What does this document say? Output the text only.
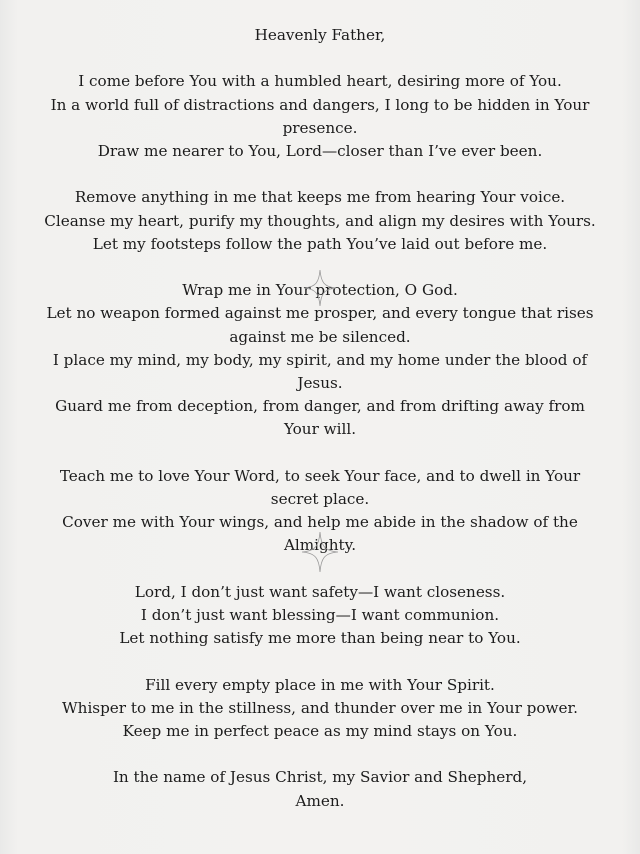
Heavenly Father,
I come before You with a humbled heart, desiring more of You.
In a world full of distractions and dangers, I long to be hidden in Your presence.
Draw me nearer to You, Lord—closer than I’ve ever been.
Remove anything in me that keeps me from hearing Your voice.
Cleanse my heart, purify my thoughts, and align my desires with Yours.
Let my footsteps follow the path You’ve laid out before me.
Wrap me in Your protection, O God.
Let no weapon formed against me prosper, and every tongue that rises against me be silenced.
I place my mind, my body, my spirit, and my home under the blood of Jesus.
Guard me from deception, from danger, and from drifting away from Your will.
Teach me to love Your Word, to seek Your face, and to dwell in Your secret place.
Cover me with Your wings, and help me abide in the shadow of the Almighty.
Lord, I don’t just want safety—I want closeness.
I don’t just want blessing—I want communion.
Let nothing satisfy me more than being near to You.
Fill every empty place in me with Your Spirit.
Whisper to me in the stillness, and thunder over me in Your power.
Keep me in perfect peace as my mind stays on You.
In the name of Jesus Christ, my Savior and Shepherd,
Amen.
